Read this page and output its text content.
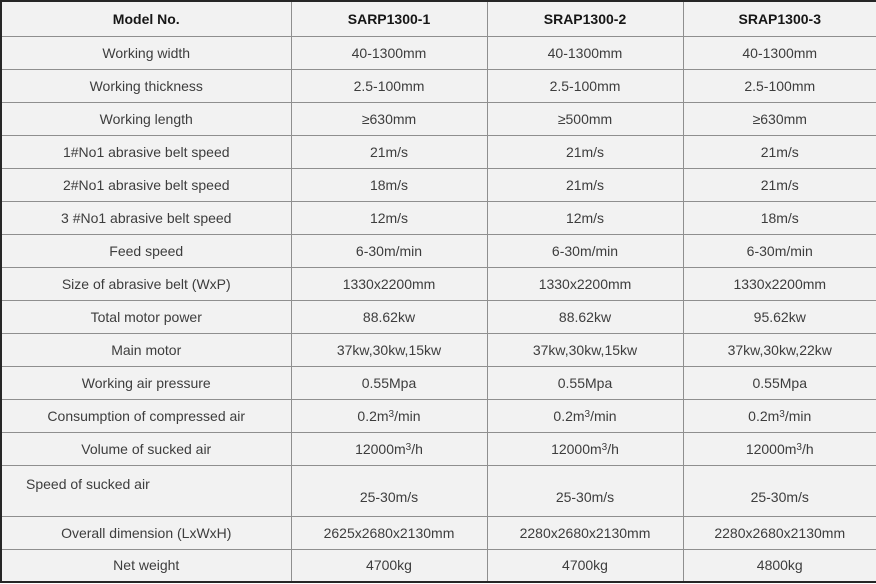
Model No.	SARP1300-1	SRAP1300-2	SRAP1300-3
Working width	40-1300mm	40-1300mm	40-1300mm
Working thickness	2.5-100mm	2.5-100mm	2.5-100mm
Working length	≥630mm	≥500mm	≥630mm
1#No1 abrasive belt speed	21m/s	21m/s	21m/s
2#No1 abrasive belt speed	18m/s	21m/s	21m/s
3 #No1 abrasive belt speed	12m/s	12m/s	18m/s
Feed speed	6-30m/min	6-30m/min	6-30m/min
Size of abrasive belt (WxP)	1330x2200mm	1330x2200mm	1330x2200mm
Total motor power	88.62kw	88.62kw	95.62kw
Main motor	37kw,30kw,15kw	37kw,30kw,15kw	37kw,30kw,22kw
Working air pressure	0.55Mpa	0.55Mpa	0.55Mpa
Consumption of compressed air	$0.2m^3/\min$	$0.2m^3/\min$	$0.2m^3/\min$
Volume of sucked air	$12000m^3/h$	$12000m^3/h$	$12000m^3/h$
Speed of sucked air	25-30m/s	25-30m/s	25-30m/s
Overall dimension (LxWxH)	2625x2680x2130mm	2280x2680x2130mm	2280x2680x2130mm
Net weight	4700kg	4700kg	4800kg
